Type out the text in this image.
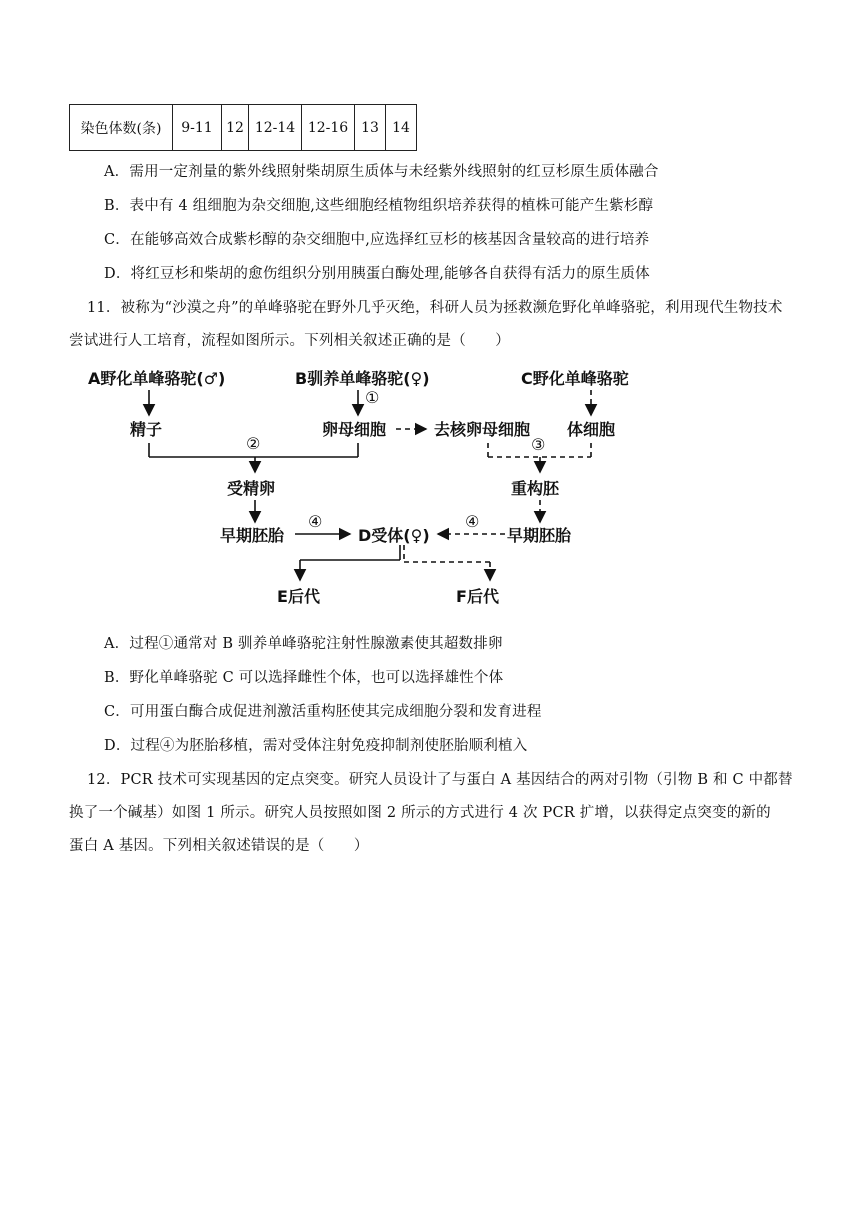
染色体数(条)	9-11	12	12-14	12-16	13	14
A．需用一定剂量的紫外线照射柴胡原生质体与未经紫外线照射的红豆杉原生质体融合
B．表中有 4 组细胞为杂交细胞,这些细胞经植物组织培养获得的植株可能产生紫杉醇
C．在能够高效合成紫杉醇的杂交细胞中,应选择红豆杉的核基因含量较高的进行培养
D．将红豆杉和柴胡的愈伤组织分别用胰蛋白酶处理,能够各自获得有活力的原生质体
11．被称为“沙漠之舟”的单峰骆驼在野外几乎灭绝，科研人员为拯救濒危野化单峰骆驼，利用现代生物技术
尝试进行人工培育，流程如图所示。下列相关叙述正确的是（　　）
A野化单峰骆驼(♂)	B驯养单峰骆驼(♀)	C野化单峰骆驼
①
精子	卵母细胞	去核卵母细胞 体细胞
②	③
受精卵	重构胚
早期胚胎
④
D受体(♀)
④
早期胚胎
E后代	F后代
A．过程①通常对 B 驯养单峰骆驼注射性腺激素使其超数排卵
B．野化单峰骆驼 C 可以选择雌性个体，也可以选择雄性个体
C．可用蛋白酶合成促进剂激活重构胚使其完成细胞分裂和发育进程
D．过程④为胚胎移植，需对受体注射免疫抑制剂使胚胎顺利植入
12．PCR 技术可实现基因的定点突变。研究人员设计了与蛋白 A 基因结合的两对引物（引物 B 和 C 中都替
换了一个碱基）如图 1 所示。研究人员按照如图 2 所示的方式进行 4 次 PCR 扩增，以获得定点突变的新的
蛋白 A 基因。下列相关叙述错误的是（　　）
